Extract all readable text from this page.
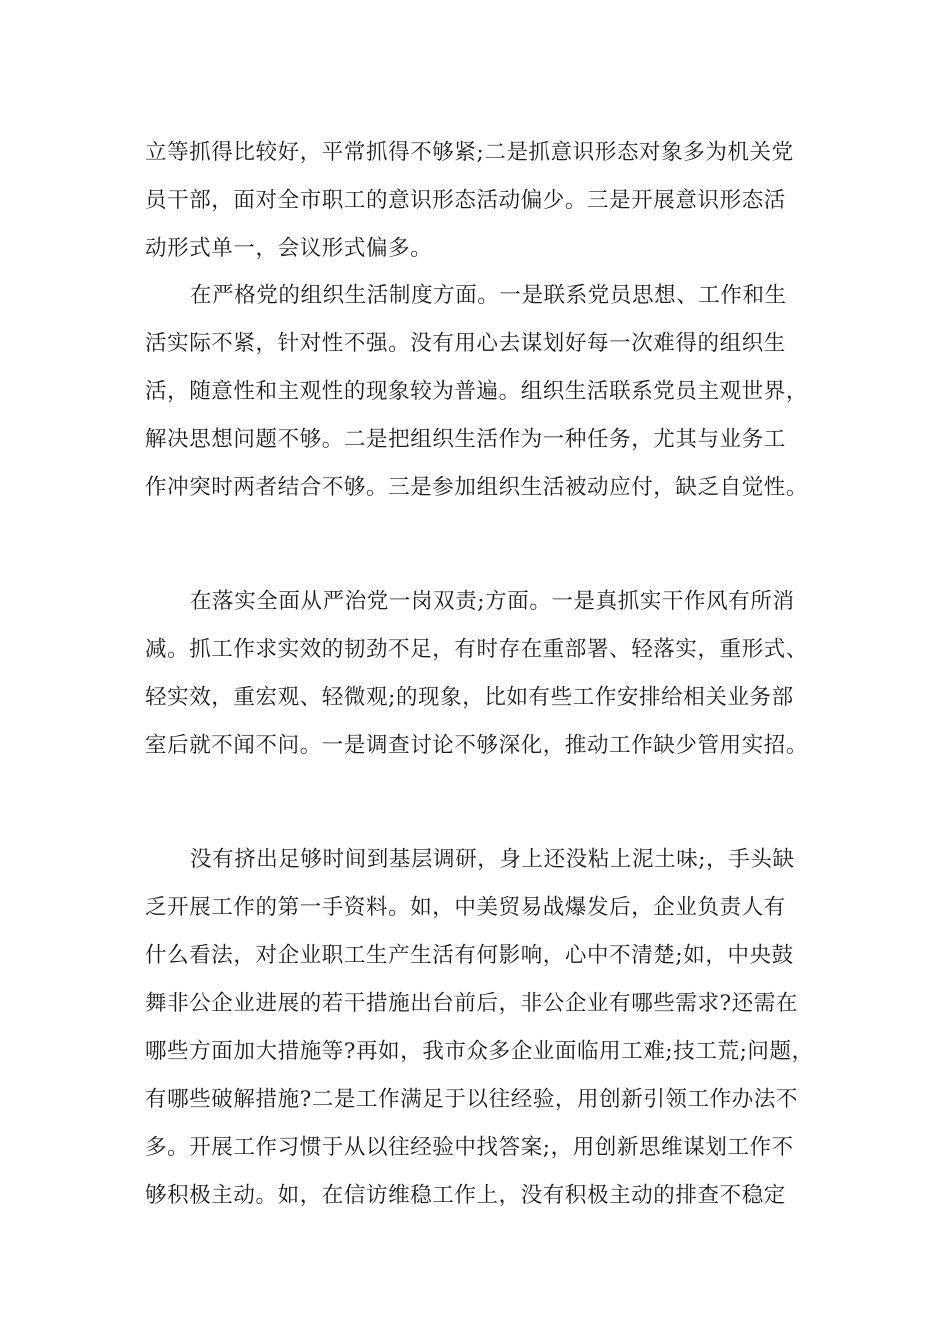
立等抓得比较好，平常抓得不够紧;二是抓意识形态对象多为机关党
员干部，面对全市职工的意识形态活动偏少。三是开展意识形态活
动形式单一，会议形式偏多。
在严格党的组织生活制度方面。一是联系党员思想、工作和生
活实际不紧，针对性不强。没有用心去谋划好每一次难得的组织生
活，随意性和主观性的现象较为普遍。组织生活联系党员主观世界，
解决思想问题不够。二是把组织生活作为一种任务，尤其与业务工
作冲突时两者结合不够。三是参加组织生活被动应付，缺乏自觉性。
在落实全面从严治党一岗双责;方面。一是真抓实干作风有所消
减。抓工作求实效的韧劲不足，有时存在重部署、轻落实，重形式、
轻实效，重宏观、轻微观;的现象，比如有些工作安排给相关业务部
室后就不闻不问。一是调查讨论不够深化，推动工作缺少管用实招。
没有挤出足够时间到基层调研，身上还没粘上泥土味;，手头缺
乏开展工作的第一手资料。如，中美贸易战爆发后，企业负责人有
什么看法，对企业职工生产生活有何影响，心中不清楚;如，中央鼓
舞非公企业进展的若干措施出台前后，非公企业有哪些需求?还需在
哪些方面加大措施等?再如，我市众多企业面临用工难;技工荒;问题，
有哪些破解措施?二是工作满足于以往经验，用创新引领工作办法不
多。开展工作习惯于从以往经验中找答案;，用创新思维谋划工作不
够积极主动。如，在信访维稳工作上，没有积极主动的排查不稳定
